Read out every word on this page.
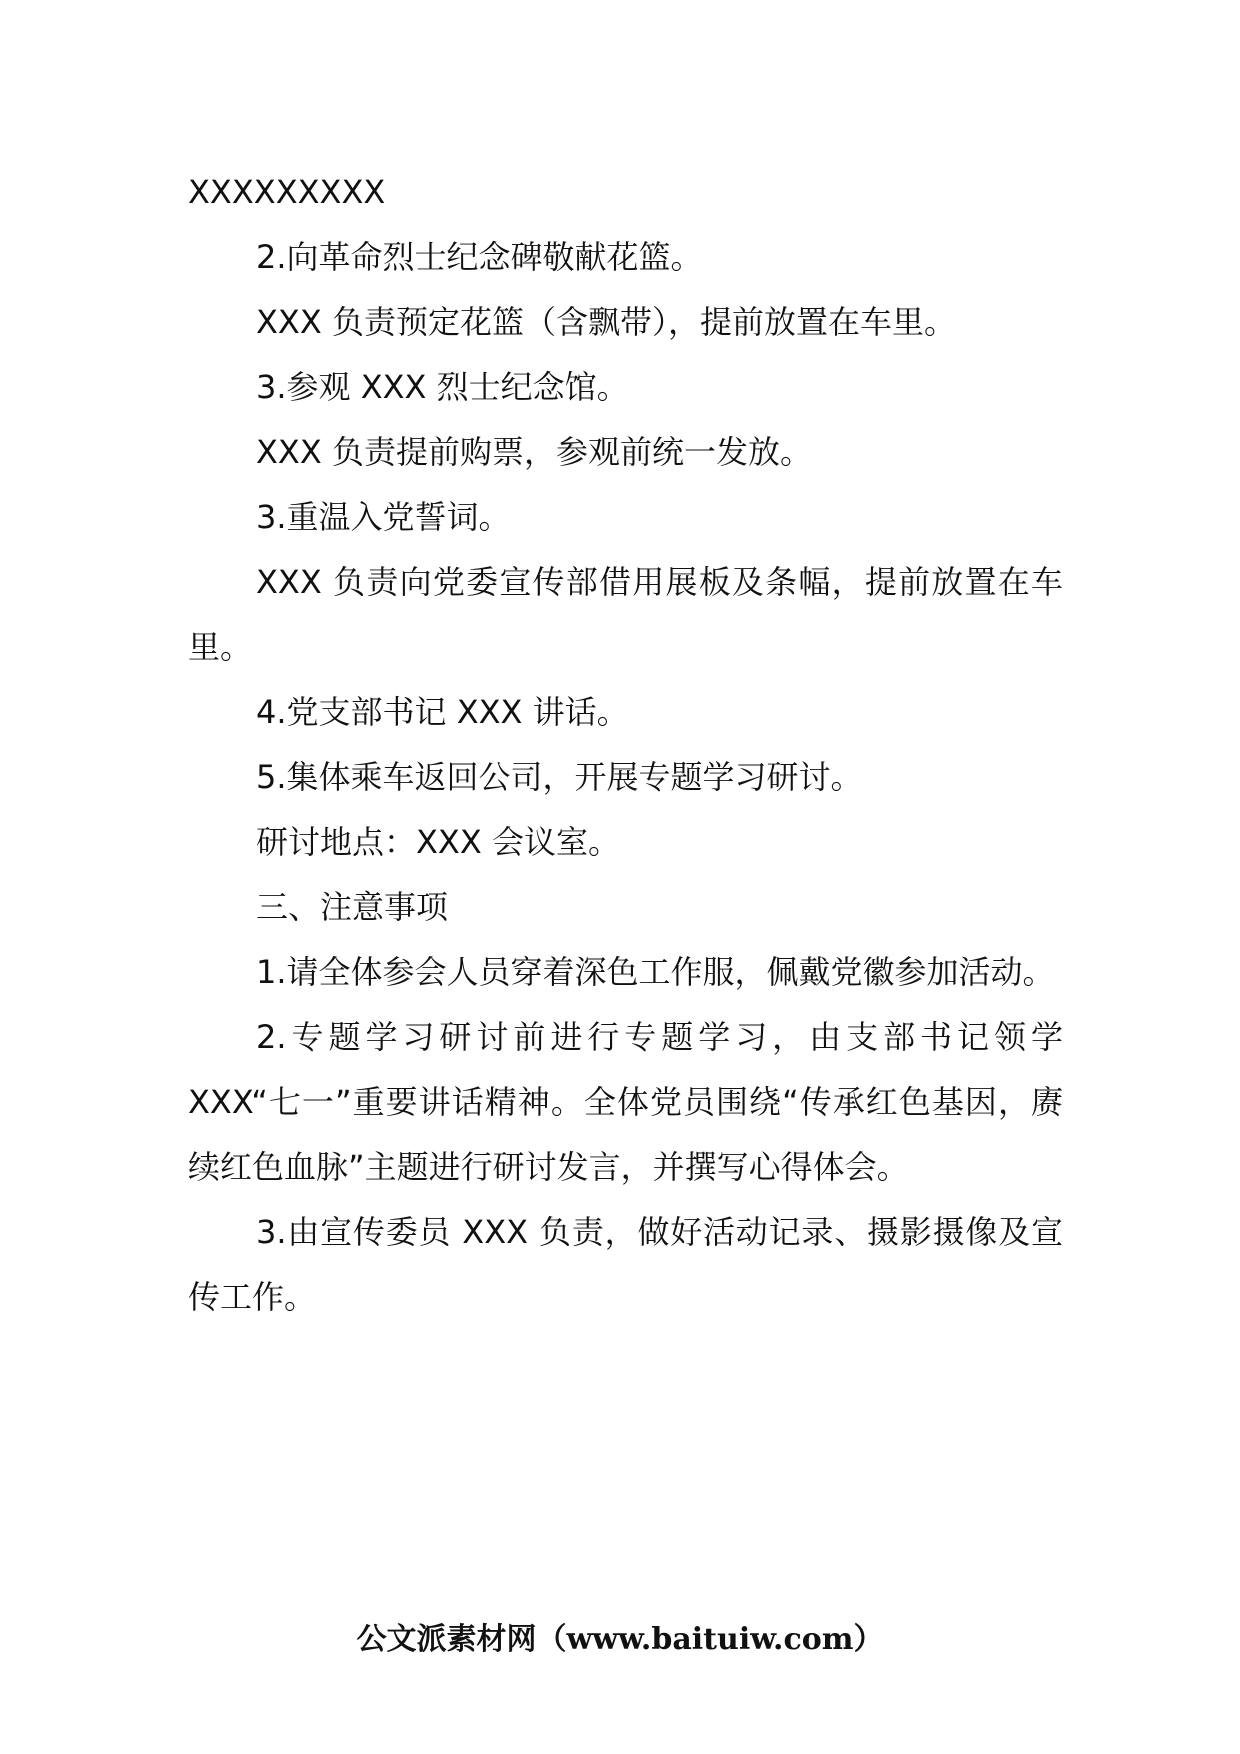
XXXXXXXXX

2.向革命烈士纪念碑敬献花篮。

XXX 负责预定花篮（含飘带），提前放置在车里。

3.参观 XXX 烈士纪念馆。

XXX 负责提前购票，参观前统一发放。

3.重温入党誓词。

XXX 负责向党委宣传部借用展板及条幅，提前放置在车里。

4.党支部书记 XXX 讲话。

5.集体乘车返回公司，开展专题学习研讨。

研讨地点：XXX 会议室。

三、注意事项

1.请全体参会人员穿着深色工作服，佩戴党徽参加活动。

2.专题学习研讨前进行专题学习，由支部书记领学 XXX“七一”重要讲话精神。全体党员围绕“传承红色基因，赓续红色血脉”主题进行研讨发言，并撰写心得体会。

3.由宣传委员 XXX 负责，做好活动记录、摄影摄像及宣传工作。

公文派素材网（www.baituiw.com）
